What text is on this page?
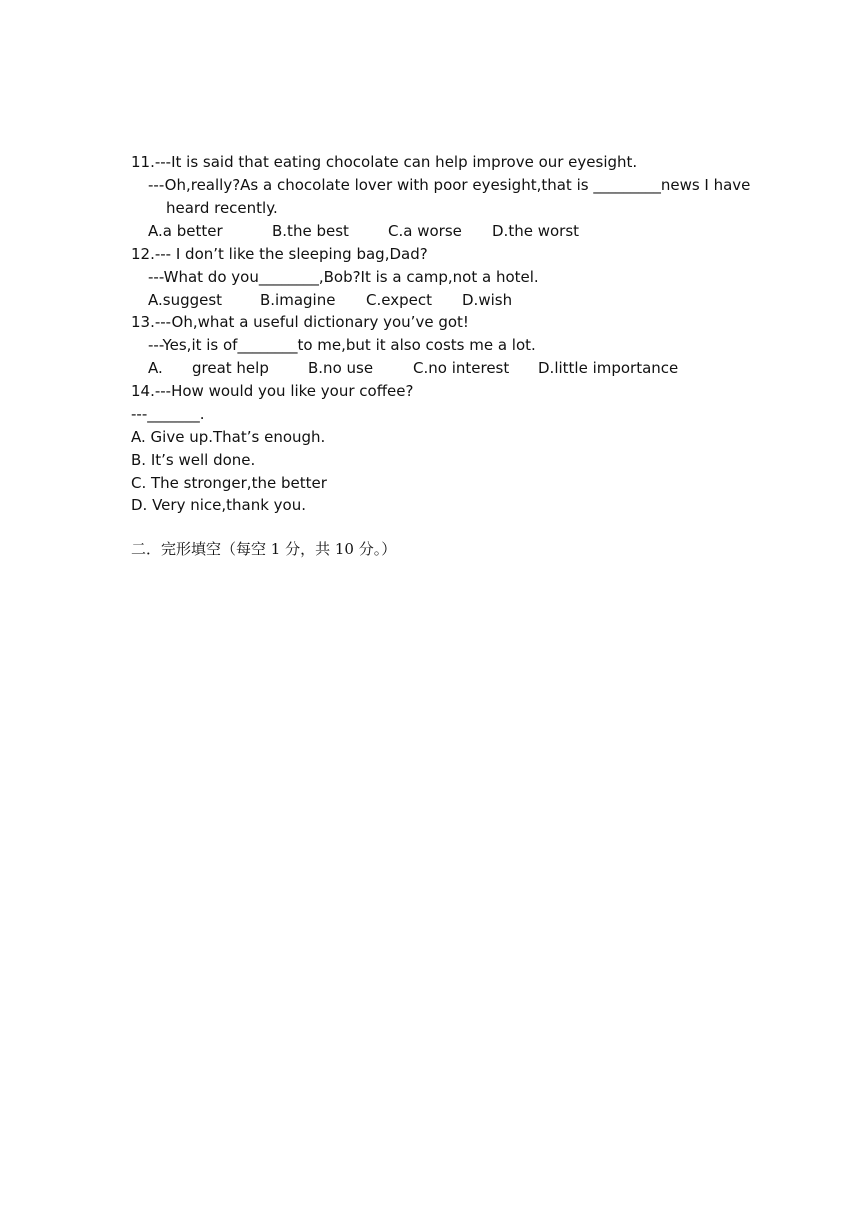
11.---It is said that eating chocolate can help improve our eyesight.
---Oh,really?As a chocolate lover with poor eyesight,that is _________news I have
heard recently.
A.a better	B.the best	C.a worse D.the worst
12.--- I don’t like the sleeping bag,Dad?
---What do you________,Bob?It is a camp,not a hotel.
A.suggest	B.imagine C.expect D.wish
13.---Oh,what a useful dictionary you’ve got!
---Yes,it is of________to me,but it also costs me a lot.
A. great help	B.no use	C.no interest D.little importance
14.---How would you like your coffee?
---_______.
A. Give up.That’s enough.
B. It’s well done.
C. The stronger,the better
D. Very nice,thank you.
二．完形填空（每空 1 分，共 10 分。）
